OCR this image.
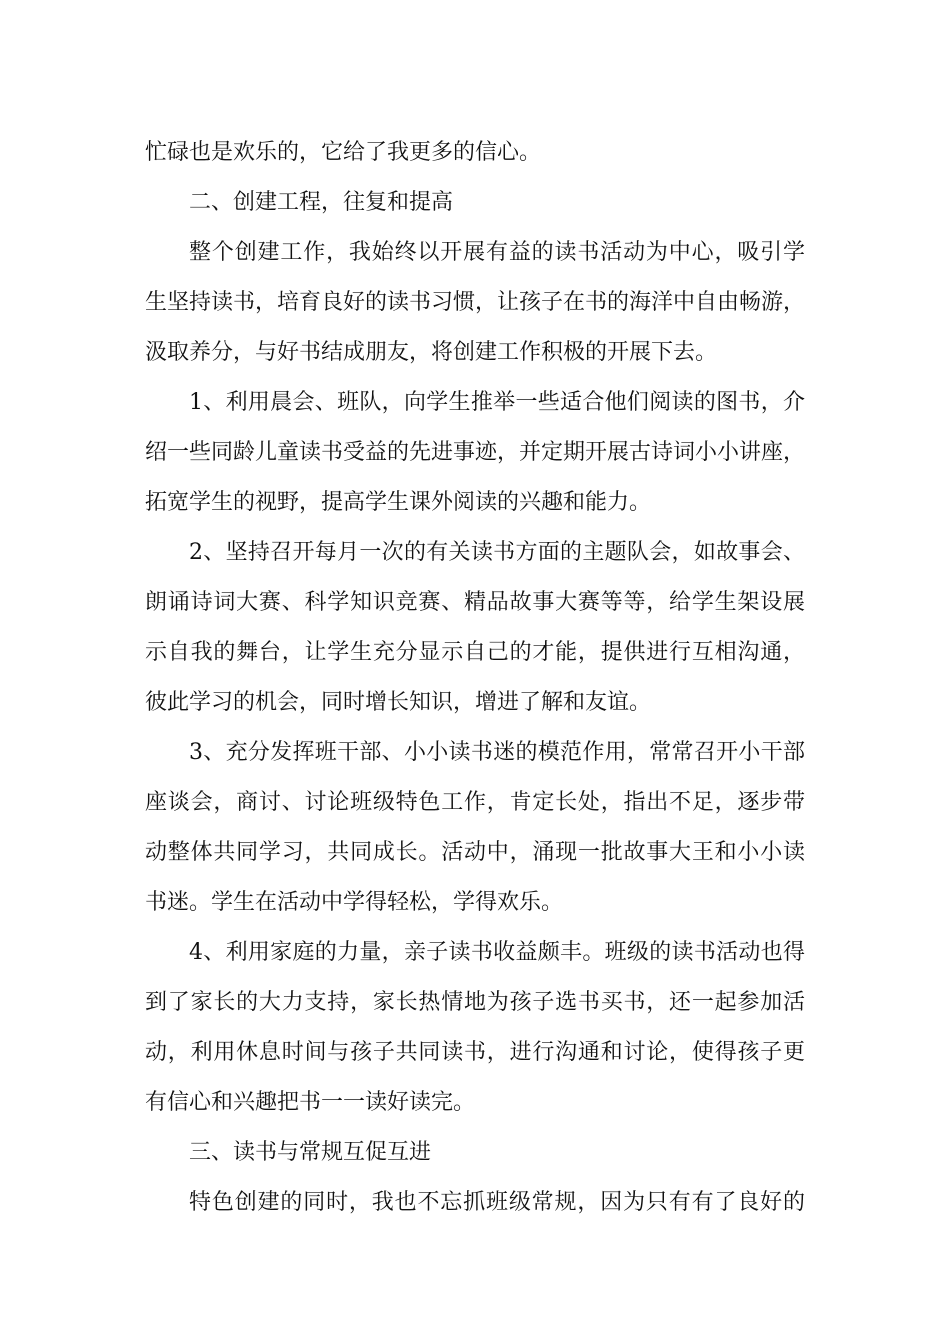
忙碌也是欢乐的，它给了我更多的信心。
二、创建工程，往复和提高
整个创建工作，我始终以开展有益的读书活动为中心，吸引学
生坚持读书，培育良好的读书习惯，让孩子在书的海洋中自由畅游，
汲取养分，与好书结成朋友，将创建工作积极的开展下去。
1、利用晨会、班队，向学生推举一些适合他们阅读的图书，介
绍一些同龄儿童读书受益的先进事迹，并定期开展古诗词小小讲座，
拓宽学生的视野，提高学生课外阅读的兴趣和能力。
2、坚持召开每月一次的有关读书方面的主题队会，如故事会、
朗诵诗词大赛、科学知识竞赛、精品故事大赛等等，给学生架设展
示自我的舞台，让学生充分显示自己的才能，提供进行互相沟通，
彼此学习的机会，同时增长知识，增进了解和友谊。
3、充分发挥班干部、小小读书迷的模范作用，常常召开小干部
座谈会，商讨、讨论班级特色工作，肯定长处，指出不足，逐步带
动整体共同学习，共同成长。活动中，涌现一批故事大王和小小读
书迷。学生在活动中学得轻松，学得欢乐。
4、利用家庭的力量，亲子读书收益颇丰。班级的读书活动也得
到了家长的大力支持，家长热情地为孩子选书买书，还一起参加活
动，利用休息时间与孩子共同读书，进行沟通和讨论，使得孩子更
有信心和兴趣把书一一读好读完。
三、读书与常规互促互进
特色创建的同时，我也不忘抓班级常规，因为只有有了良好的
